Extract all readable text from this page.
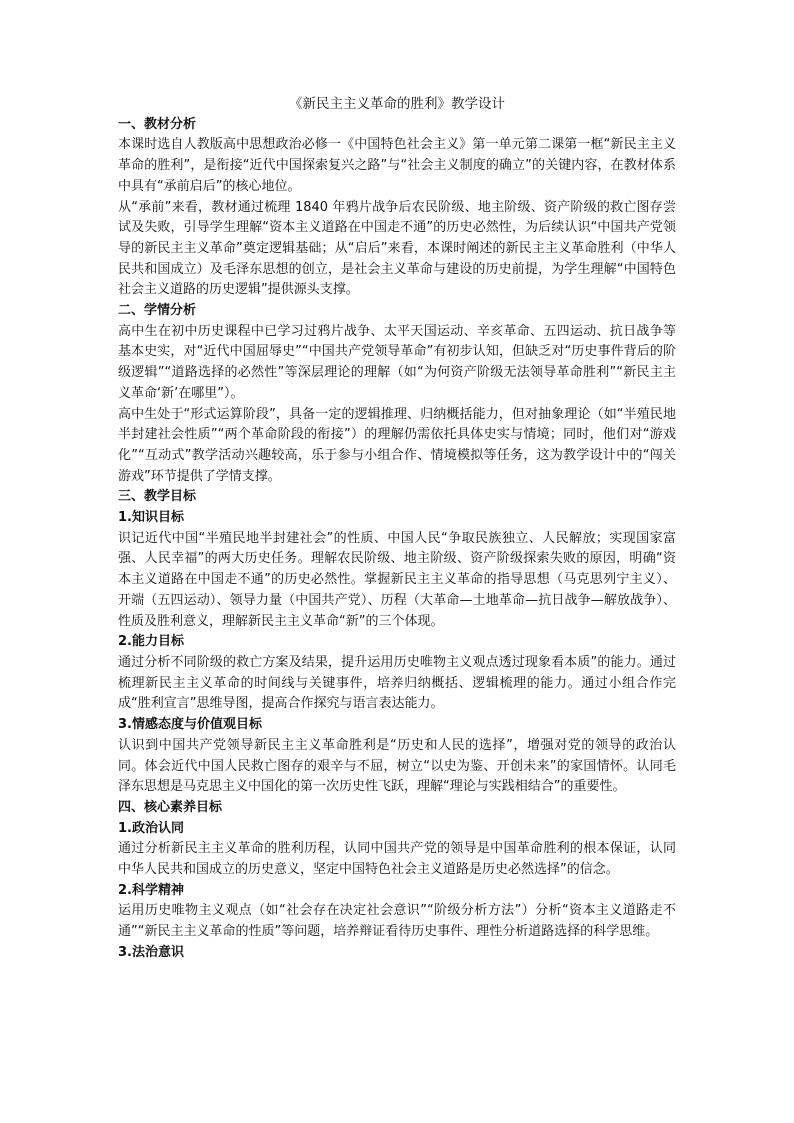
《新民主主义革命的胜利》教学设计
一、教材分析

本课时选自人教版高中思想政治必修一《中国特色社会主义》第一单元第二课第一框“新民主主义革命的胜利”，是衔接“近代中国探索复兴之路”与“社会主义制度的确立”的关键内容，在教材体系中具有“承前启后”的核心地位。

从“承前”来看，教材通过梳理 1840 年鸦片战争后农民阶级、地主阶级、资产阶级的救亡图存尝试及失败，引导学生理解“资本主义道路在中国走不通”的历史必然性，为后续认识“中国共产党领导的新民主主义革命”奠定逻辑基础；从“启后”来看，本课时阐述的新民主主义革命胜利（中华人民共和国成立）及毛泽东思想的创立，是社会主义革命与建设的历史前提，为学生理解“中国特色社会主义道路的历史逻辑”提供源头支撑。

二、学情分析

高中生在初中历史课程中已学习过鸦片战争、太平天国运动、辛亥革命、五四运动、抗日战争等基本史实，对“近代中国屈辱史”“中国共产党领导革命”有初步认知，但缺乏对“历史事件背后的阶级逻辑”“道路选择的必然性”等深层理论的理解（如“为何资产阶级无法领导革命胜利”“新民主主义革命‘新’在哪里”）。

高中生处于“形式运算阶段”，具备一定的逻辑推理、归纳概括能力，但对抽象理论（如“半殖民地半封建社会性质”“两个革命阶段的衔接”）的理解仍需依托具体史实与情境；同时，他们对“游戏化”“互动式”教学活动兴趣较高，乐于参与小组合作、情境模拟等任务，这为教学设计中的“闯关游戏”环节提供了学情支撑。

三、教学目标
1.知识目标

识记近代中国“半殖民地半封建社会”的性质、中国人民“争取民族独立、人民解放；实现国家富强、人民幸福”的两大历史任务。理解农民阶级、地主阶级、资产阶级探索失败的原因，明确“资本主义道路在中国走不通”的历史必然性。掌握新民主主义革命的指导思想（马克思列宁主义）、开端（五四运动）、领导力量（中国共产党）、历程（大革命—土地革命—抗日战争—解放战争）、性质及胜利意义，理解新民主主义革命“新”的三个体现。

2.能力目标

通过分析不同阶级的救亡方案及结果，提升运用历史唯物主义观点透过现象看本质”的能力。通过梳理新民主主义革命的时间线与关键事件，培养归纳概括、逻辑梳理的能力。通过小组合作完成“胜利宣言”思维导图，提高合作探究与语言表达能力。

3.情感态度与价值观目标

认识到中国共产党领导新民主主义革命胜利是“历史和人民的选择”，增强对党的领导的政治认同。体会近代中国人民救亡图存的艰辛与不屈，树立“以史为鉴、开创未来”的家国情怀。认同毛泽东思想是马克思主义中国化的第一次历史性飞跃，理解“理论与实践相结合”的重要性。

四、核心素养目标
1.政治认同

通过分析新民主主义革命的胜利历程，认同中国共产党的领导是中国革命胜利的根本保证，认同中华人民共和国成立的历史意义，坚定中国特色社会主义道路是历史必然选择”的信念。

2.科学精神

运用历史唯物主义观点（如“社会存在决定社会意识”“阶级分析方法”）分析“资本主义道路走不通”“新民主主义革命的性质”等问题，培养辩证看待历史事件、理性分析道路选择的科学思维。

3.法治意识
